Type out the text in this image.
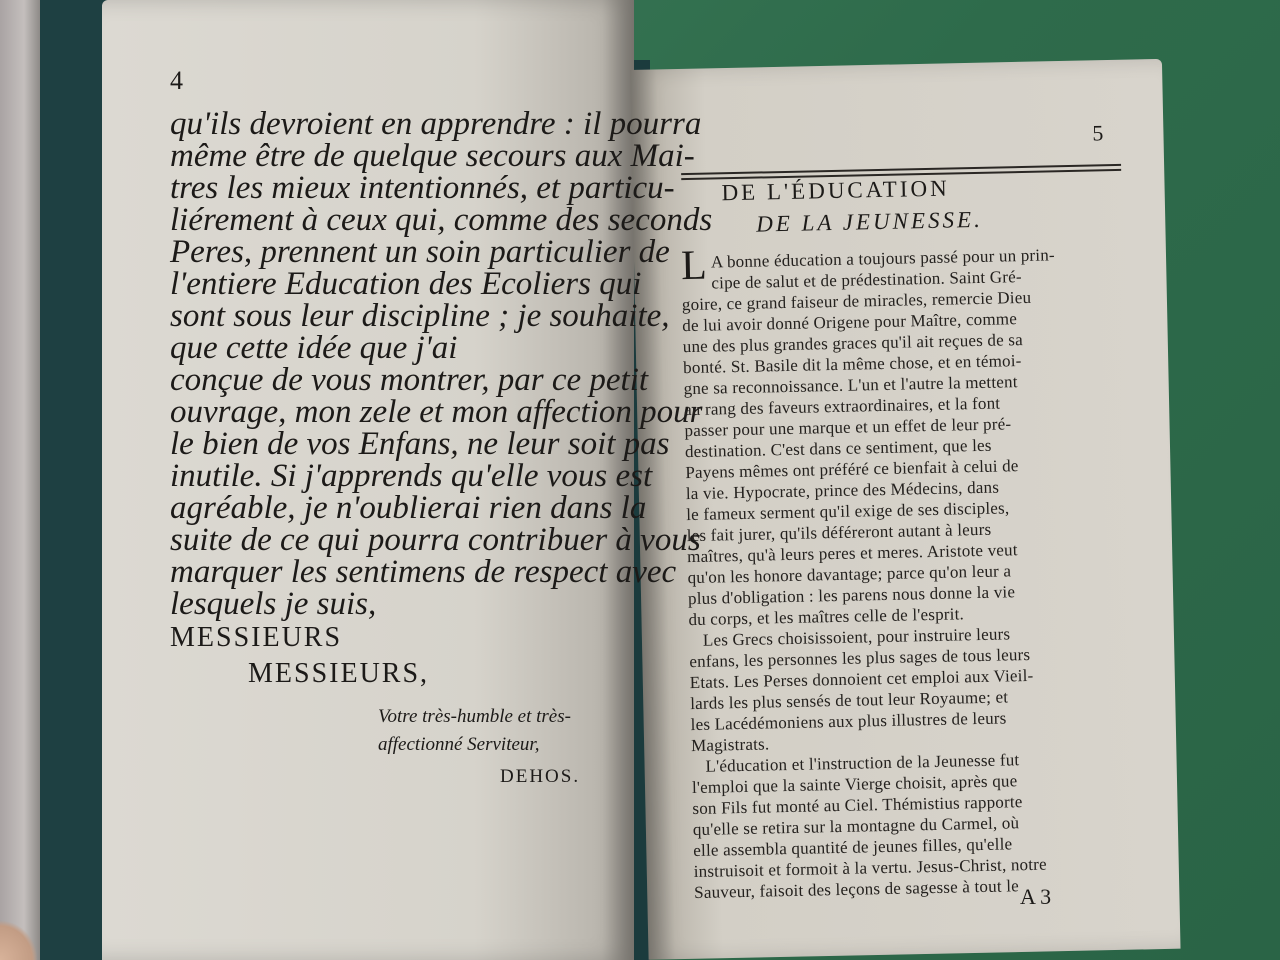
4
qu'ils devroient en apprendre : il pourra
même être de quelque secours aux Mai-
tres les mieux intentionnés, et particu-
liérement à ceux qui, comme des seconds
Peres, prennent un soin particulier de
l'entiere Education des Ecoliers qui
sont sous leur discipline ; je souhaite,
que cette idée que j'ai
conçue de vous montrer, par ce petit
ouvrage, mon zele et mon affection pour
le bien de vos Enfans, ne leur soit pas
inutile. Si j'apprends qu'elle vous est
agréable, je n'oublierai rien dans la
suite de ce qui pourra contribuer à vous
marquer les sentimens de respect avec
lesquels je suis,
MESSIEURS
MESSIEURS,
Votre très-humble et très-
affectionné Serviteur,
DEHOS.
5
DE L'ÉDUCATION
DE LA JEUNESSE.
L A bonne éducation a toujours passé pour un prin-
cipe de salut et de prédestination. Saint Gré-
goire, ce grand faiseur de miracles, remercie Dieu
de lui avoir donné Origene pour Maître, comme
une des plus grandes graces qu'il ait reçues de sa
bonté. St. Basile dit la même chose, et en témoi-
gne sa reconnoissance. L'un et l'autre la mettent
au rang des faveurs extraordinaires, et la font
passer pour une marque et un effet de leur pré-
destination. C'est dans ce sentiment, que les
Payens mêmes ont préféré ce bienfait à celui de
la vie. Hypocrate, prince des Médecins, dans
le fameux serment qu'il exige de ses disciples,
les fait jurer, qu'ils déféreront autant à leurs
maîtres, qu'à leurs peres et meres. Aristote veut
qu'on les honore davantage; parce qu'on leur a
plus d'obligation : les parens nous donne la vie
du corps, et les maîtres celle de l'esprit.
Les Grecs choisissoient, pour instruire leurs
enfans, les personnes les plus sages de tous leurs
Etats. Les Perses donnoient cet emploi aux Vieil-
lards les plus sensés de tout leur Royaume; et
les Lacédémoniens aux plus illustres de leurs
Magistrats.
L'éducation et l'instruction de la Jeunesse fut
l'emploi que la sainte Vierge choisit, après que
son Fils fut monté au Ciel. Thémistius rapporte
qu'elle se retira sur la montagne du Carmel, où
elle assembla quantité de jeunes filles, qu'elle
instruisoit et formoit à la vertu. Jesus-Christ, notre
Sauveur, faisoit des leçons de sagesse à tout le A 3
